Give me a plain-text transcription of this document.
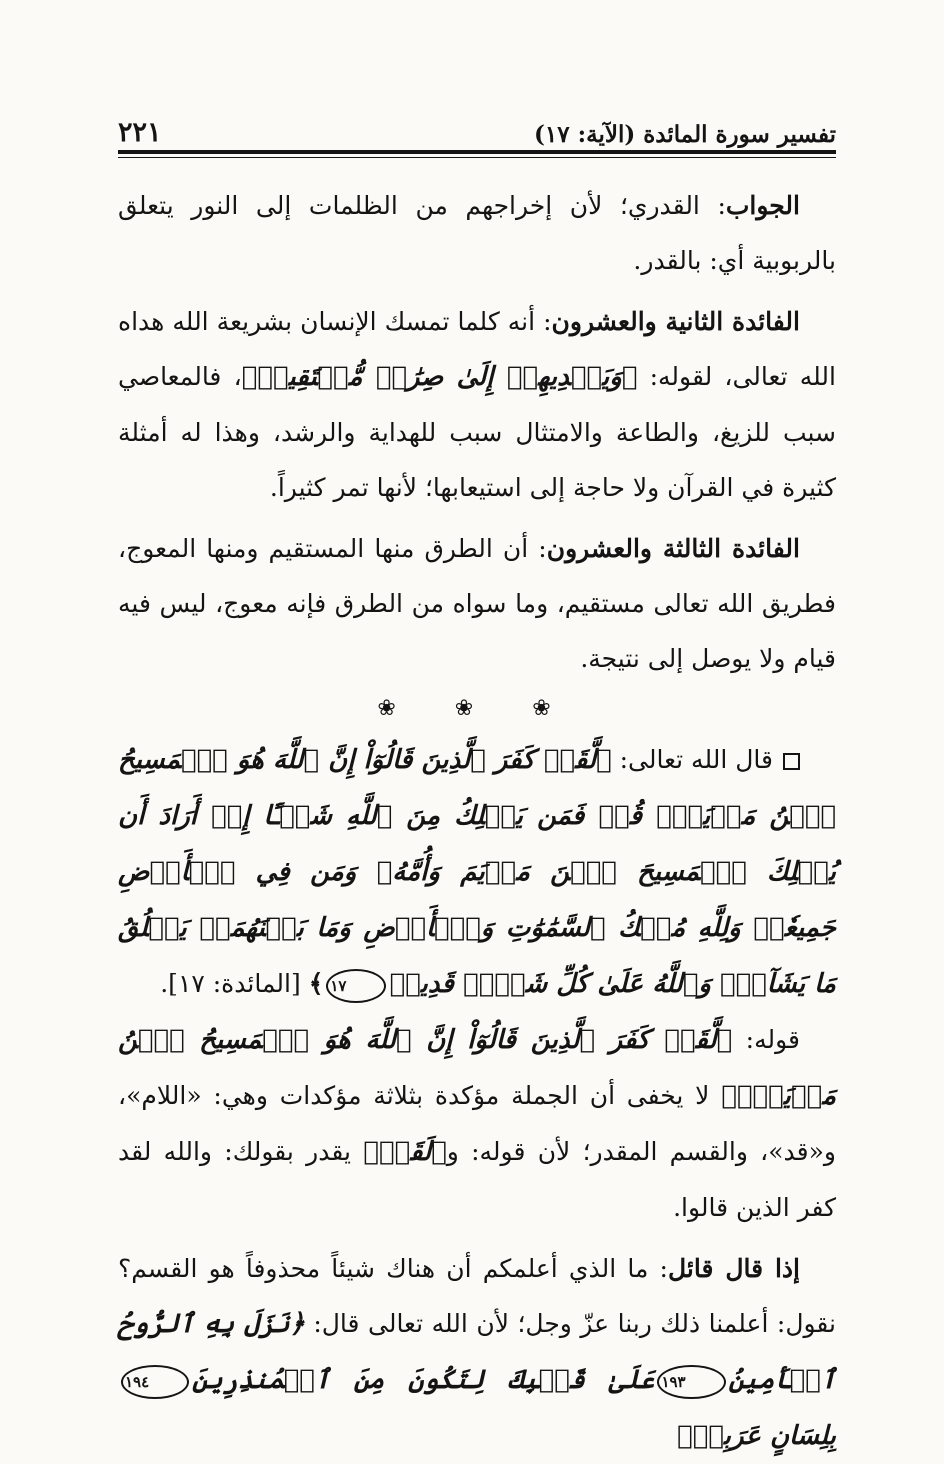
٢٢١	تفسير سورة المائدة (الآية: ١٧)

الجواب: القدري؛ لأن إخراجهم من الظلمات إلى النور يتعلق بالربوبية أي: بالقدر.

الفائدة الثانية والعشرون: أنه كلما تمسك الإنسان بشريعة الله هداه الله تعالى، لقوله: ﴿وَيَهۡدِيهِمۡ إِلَىٰ صِرَٰطٖ مُّسۡتَقِيمٖ﴾، فالمعاصي سبب للزيغ، والطاعة والامتثال سبب للهداية والرشد، وهذا له أمثلة كثيرة في القرآن ولا حاجة إلى استيعابها؛ لأنها تمر كثيراً.

الفائدة الثالثة والعشرون: أن الطرق منها المستقيم ومنها المعوج، فطريق الله تعالى مستقيم، وما سواه من الطرق فإنه معوج، ليس فيه قيام ولا يوصل إلى نتيجة.

❀ ❀ ❀

قال الله تعالى: ﴿لَّقَدۡ كَفَرَ ٱلَّذِينَ قَالُوٓاْ إِنَّ ٱللَّهَ هُوَ ٱلۡمَسِيحُ ٱبۡنُ مَرۡيَمَۚ قُلۡ فَمَن يَمۡلِكُ مِنَ ٱللَّهِ شَيۡـًٔا إِنۡ أَرَادَ أَن يُهۡلِكَ ٱلۡمَسِيحَ ٱبۡنَ مَرۡيَمَ وَأُمَّهُۥ وَمَن فِي ٱلۡأَرۡضِ جَمِيعٗاۗ وَلِلَّهِ مُلۡكُ ٱلسَّمَٰوَٰتِ وَٱلۡأَرۡضِ وَمَا بَيۡنَهُمَاۚ يَخۡلُقُ مَا يَشَآءُۚ وَٱللَّهُ عَلَىٰ كُلِّ شَيۡءٖ قَدِيرٞ١٧﴾ [المائدة: ١٧].

قوله: ﴿لَّقَدۡ كَفَرَ ٱلَّذِينَ قَالُوٓاْ إِنَّ ٱللَّهَ هُوَ ٱلۡمَسِيحُ ٱبۡنُ مَرۡيَمَۚ﴾ لا يخفى أن الجملة مؤكدة بثلاثة مؤكدات وهي: «اللام»، و«قد»، والقسم المقدر؛ لأن قوله: و﴿لَقَدۡ﴾ يقدر بقولك: والله لقد كفر الذين قالوا.

إذا قال قائل: ما الذي أعلمكم أن هناك شيئاً محذوفاً هو القسم؟ نقول: أعلمنا ذلك ربنا عزّ وجل؛ لأن الله تعالى قال: ﴿نَزَلَ بِهِ ٱلرُّوحُ ٱلۡأَمِينُ١٩٣عَلَىٰ قَلۡبِكَ لِتَكُونَ مِنَ ٱلۡمُنذِرِينَ١٩٤بِلِسَانٍ عَرَبِيّٖ
